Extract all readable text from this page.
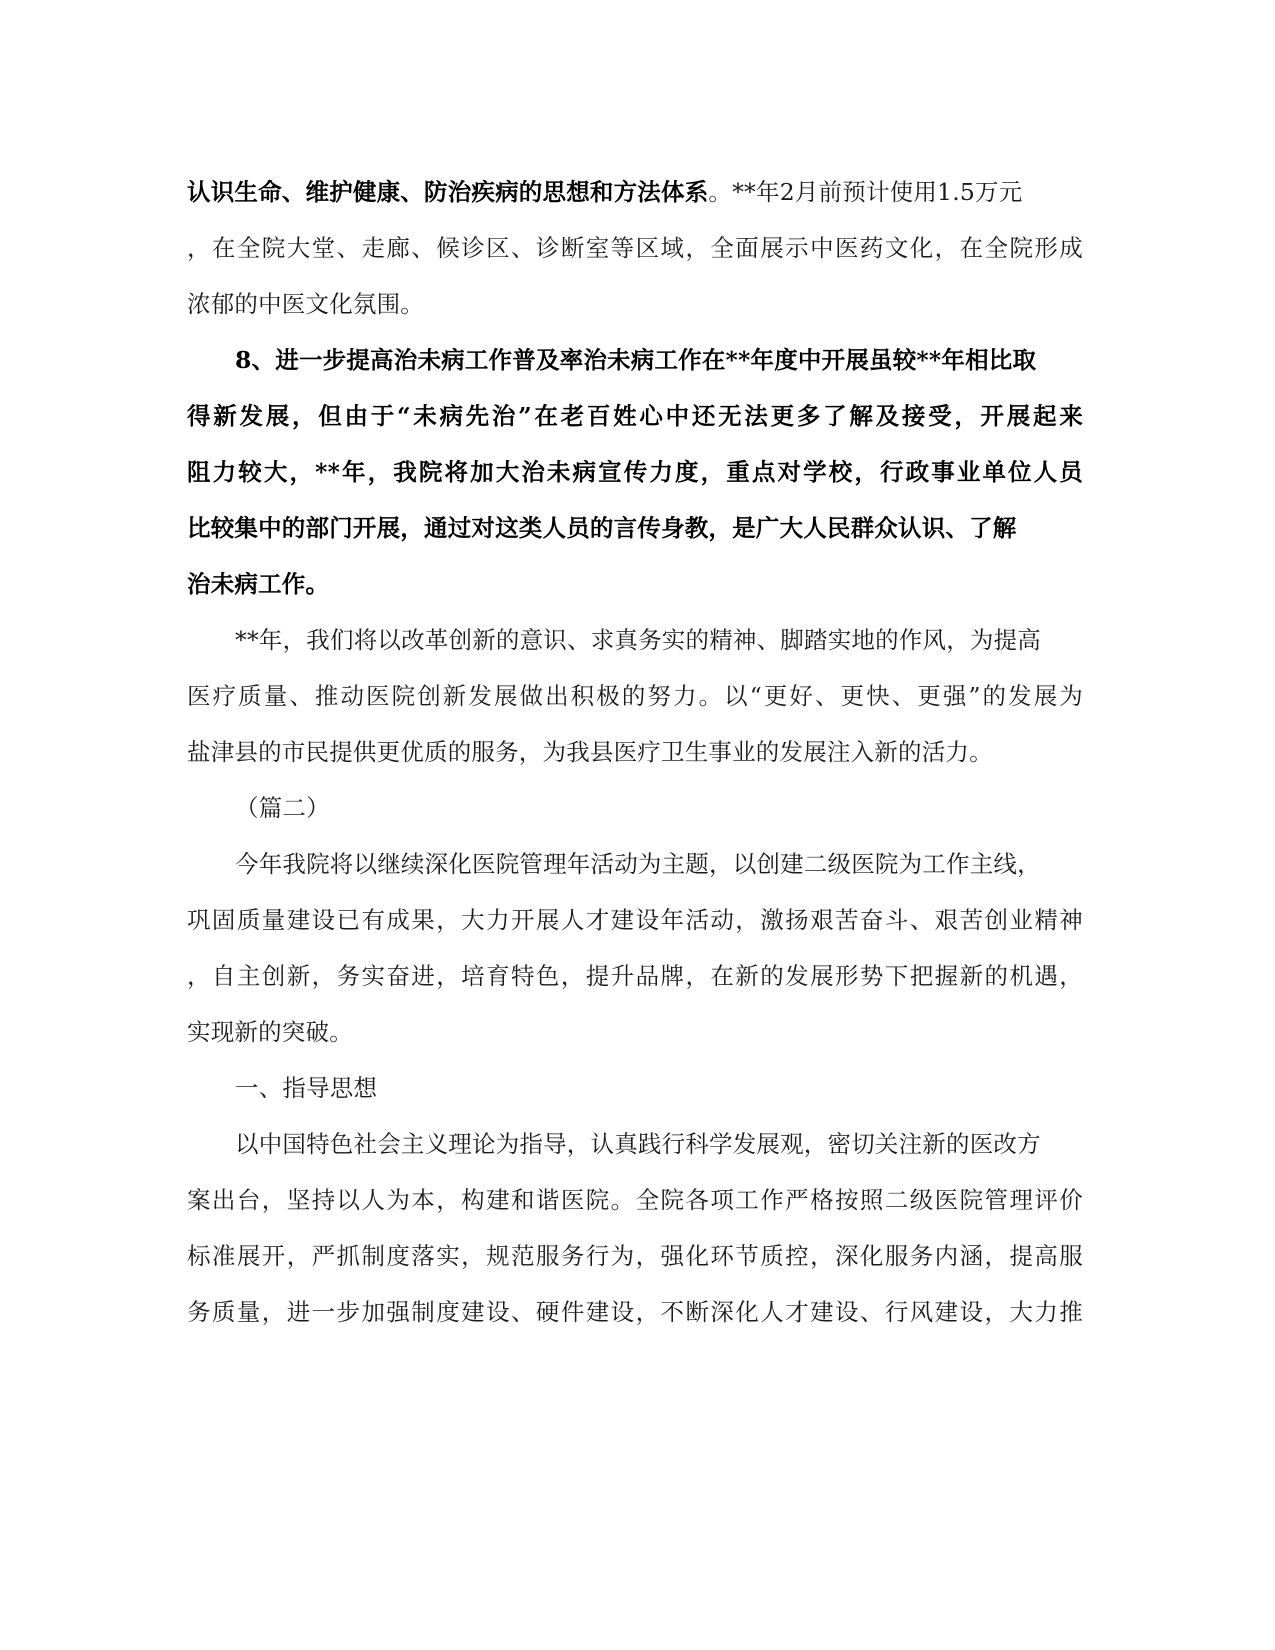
认识生命、维护健康、防治疾病的思想和方法体系。**年2月前预计使用1.5万元
，在全院大堂、走廊、候诊区、诊断室等区域，全面展示中医药文化，在全院形成
浓郁的中医文化氛围。
8、进一步提高治未病工作普及率治未病工作在**年度中开展虽较**年相比取
得新发展，但由于“未病先治”在老百姓心中还无法更多了解及接受，开展起来
阻力较大，**年，我院将加大治未病宣传力度，重点对学校，行政事业单位人员
比较集中的部门开展，通过对这类人员的言传身教，是广大人民群众认识、了解
治未病工作。
**年，我们将以改革创新的意识、求真务实的精神、脚踏实地的作风，为提高
医疗质量、推动医院创新发展做出积极的努力。以“更好、更快、更强”的发展为
盐津县的市民提供更优质的服务，为我县医疗卫生事业的发展注入新的活力。
（篇二）
今年我院将以继续深化医院管理年活动为主题，以创建二级医院为工作主线，
巩固质量建设已有成果，大力开展人才建设年活动，激扬艰苦奋斗、艰苦创业精神
，自主创新，务实奋进，培育特色，提升品牌，在新的发展形势下把握新的机遇，
实现新的突破。
一、指导思想
以中国特色社会主义理论为指导，认真践行科学发展观，密切关注新的医改方
案出台，坚持以人为本，构建和谐医院。全院各项工作严格按照二级医院管理评价
标准展开，严抓制度落实，规范服务行为，强化环节质控，深化服务内涵，提高服
务质量，进一步加强制度建设、硬件建设，不断深化人才建设、行风建设，大力推
